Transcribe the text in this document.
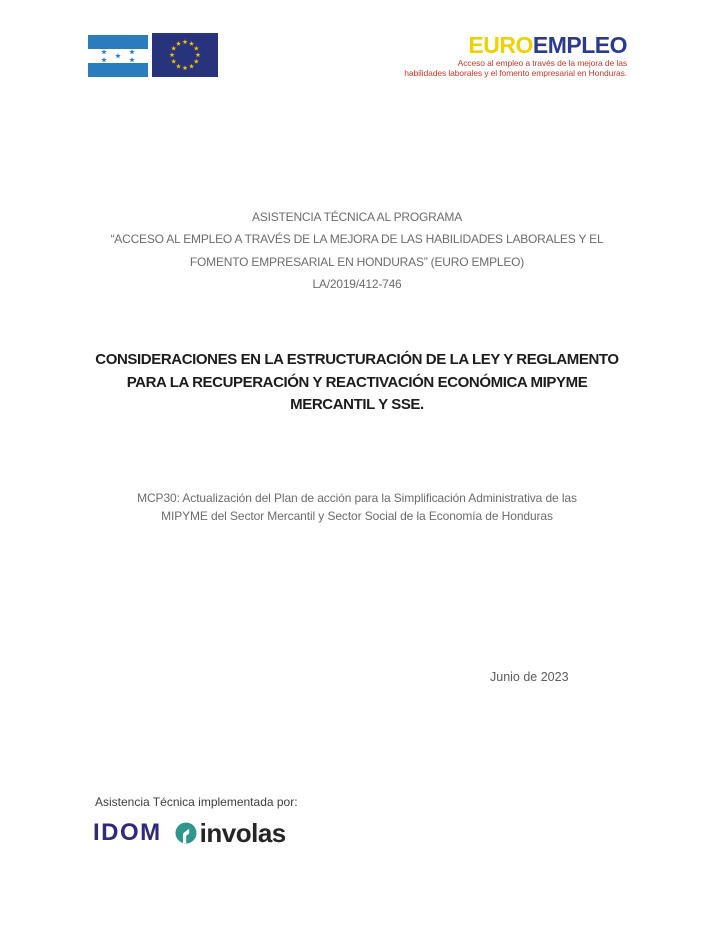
EUROEMPLEO
Acceso al empleo a través de la mejora de las
habilidades laborales y el fomento empresarial en Honduras.
ASISTENCIA TÉCNICA AL PROGRAMA
“ACCESO AL EMPLEO A TRAVÉS DE LA MEJORA DE LAS HABILIDADES LABORALES Y EL
FOMENTO EMPRESARIAL EN HONDURAS” (EURO EMPLEO)
LA/2019/412-746
CONSIDERACIONES EN LA ESTRUCTURACIÓN DE LA LEY Y REGLAMENTO
PARA LA RECUPERACIÓN Y REACTIVACIÓN ECONÓMICA MIPYME
MERCANTIL Y SSE.
MCP30: Actualización del Plan de acción para la Simplificación Administrativa de las
MIPYME del Sector Mercantil y Sector Social de la Economía de Honduras
Junio de 2023
Asistencia Técnica implementada por:
IDOM involas
